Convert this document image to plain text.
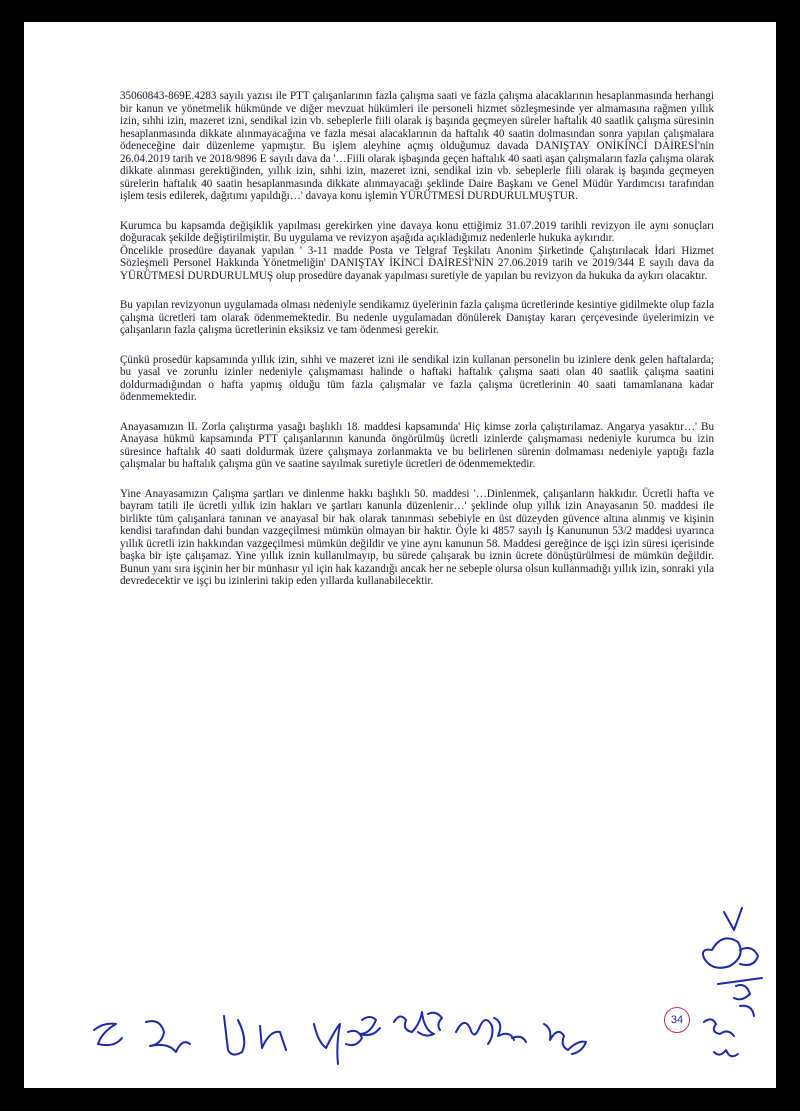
35060843-869E.4283 sayılı yazısı ile PTT çalışanlarının fazla çalışma saati ve fazla çalışma alacaklarının hesaplanmasında herhangi bir kanun ve yönetmelik hükmünde ve diğer mevzuat hükümleri ile personeli hizmet sözleşmesinde yer almamasına rağmen yıllık izin, sıhhi izin, mazeret izni, sendikal izin vb. sebeplerle fiili olarak iş başında geçmeyen süreler haftalık 40 saatlik çalışma süresinin hesaplanmasında dikkate alınmayacağına ve fazla mesai alacaklarının da haftalık 40 saatin dolmasından sonra yapılan çalışmalara ödeneceğine dair düzenleme yapmıştır. Bu işlem aleyhine açmış olduğumuz davada DANIŞTAY ONİKİNCİ DAİRESİ'nin 26.04.2019 tarih ve 2018/9896 E sayılı dava da '…Fiili olarak işbaşında geçen haftalık 40 saati aşan çalışmaların fazla çalışma olarak dikkate alınması gerektiğinden, yıllık izin, sıhhi izin, mazeret izni, sendikal izin vb. sebeplerle fiili olarak iş başında geçmeyen sürelerin haftalık 40 saatin hesaplanmasında dikkate alınmayacağı şeklinde Daire Başkanı ve Genel Müdür Yardımcısı tarafından işlem tesis edilerek, dağıtımı yapıldığı…' davaya konu işlemin YÜRÜTMESİ DURDURULMUŞTUR.

Kurumca bu kapsamda değişiklik yapılması gerekirken yine davaya konu ettiğimiz 31.07.2019 tarihli revizyon ile aynı sonuçları doğuracak şekilde değiştirilmiştir. Bu uygulama ve revizyon aşağıda açıkladığımız nedenlerle hukuka aykırıdır.

Öncelikle prosedüre dayanak yapılan ' 3-11 madde Posta ve Telgraf Teşkilatı Anonim Şirketinde Çalıştırılacak İdari Hizmet Sözleşmeli Personel Hakkında Yönetmeliğin' DANIŞTAY İKİNCİ DAİRESİ'NİN 27.06.2019 tarih ve 2019/344 E sayılı dava da YÜRÜTMESİ DURDURULMUŞ olup prosedüre dayanak yapılması suretiyle de yapılan bu revizyon da hukuka da aykırı olacaktır.

Bu yapılan revizyonun uygulamada olması nedeniyle sendikamız üyelerinin fazla çalışma ücretlerinde kesintiye gidilmekte olup fazla çalışma ücretleri tam olarak ödenmemektedir. Bu nedenle uygulamadan dönülerek Danıştay kararı çerçevesinde üyelerimizin ve çalışanların fazla çalışma ücretlerinin eksiksiz ve tam ödenmesi gerekir.

Çünkü prosedür kapsamında yıllık izin, sıhhi ve mazeret izni ile sendikal izin kullanan personelin bu izinlere denk gelen haftalarda; bu yasal ve zorunlu izinler nedeniyle çalışmaması halinde o haftaki haftalık çalışma saati olan 40 saatlik çalışma saatini doldurmadığından o hafta yapmış olduğu tüm fazla çalışmalar ve fazla çalışma ücretlerinin 40 saati tamamlanana kadar ödenmemektedir.

Anayasamızın II. Zorla çalıştırma yasağı başlıklı 18. maddesi kapsamında' Hiç kimse zorla çalıştırılamaz. Angarya yasaktır…' Bu Anayasa hükmü kapsamında PTT çalışanlarının kanunda öngörülmüş ücretli izinlerde çalışmaması nedeniyle kurumca bu izin süresince haftalık 40 saati doldurmak üzere çalışmaya zorlanmakta ve bu belirlenen sürenin dolmaması nedeniyle yaptığı fazla çalışmalar bu haftalık çalışma gün ve saatine sayılmak suretiyle ücretleri de ödenmemektedir.

Yine Anayasamızın Çalışma şartları ve dinlenme hakkı başlıklı 50. maddesi '…Dinlenmek, çalışanların hakkıdır. Ücretli hafta ve bayram tatili ile ücretli yıllık izin hakları ve şartları kanunla düzenlenir…' şeklinde olup yıllık izin Anayasanın 50. maddesi ile birlikte tüm çalışanlara tanınan ve anayasal bir hak olarak tanınması sebebiyle en üst düzeyden güvence altına alınmış ve kişinin kendisi tarafından dahi bundan vazgeçilmesi mümkün olmayan bir haktır. Öyle ki 4857 sayılı İş Kanununun 53/2 maddesi uyarınca yıllık ücretli izin hakkından vazgeçilmesi mümkün değildir ve yine aynı kanunun 58. Maddesi gereğince de işçi izin süresi içerisinde başka bir işte çalışamaz. Yine yıllık iznin kullanılmayıp, bu sürede çalışarak bu iznin ücrete dönüştürülmesi de mümkün değildir. Bunun yanı sıra işçinin her bir münhasır yıl için hak kazandığı ancak her ne sebeple olursa olsun kullanmadığı yıllık izin, sonraki yıla devredecektir ve işçi bu izinlerini takip eden yıllarda kullanabilecektir.

34
